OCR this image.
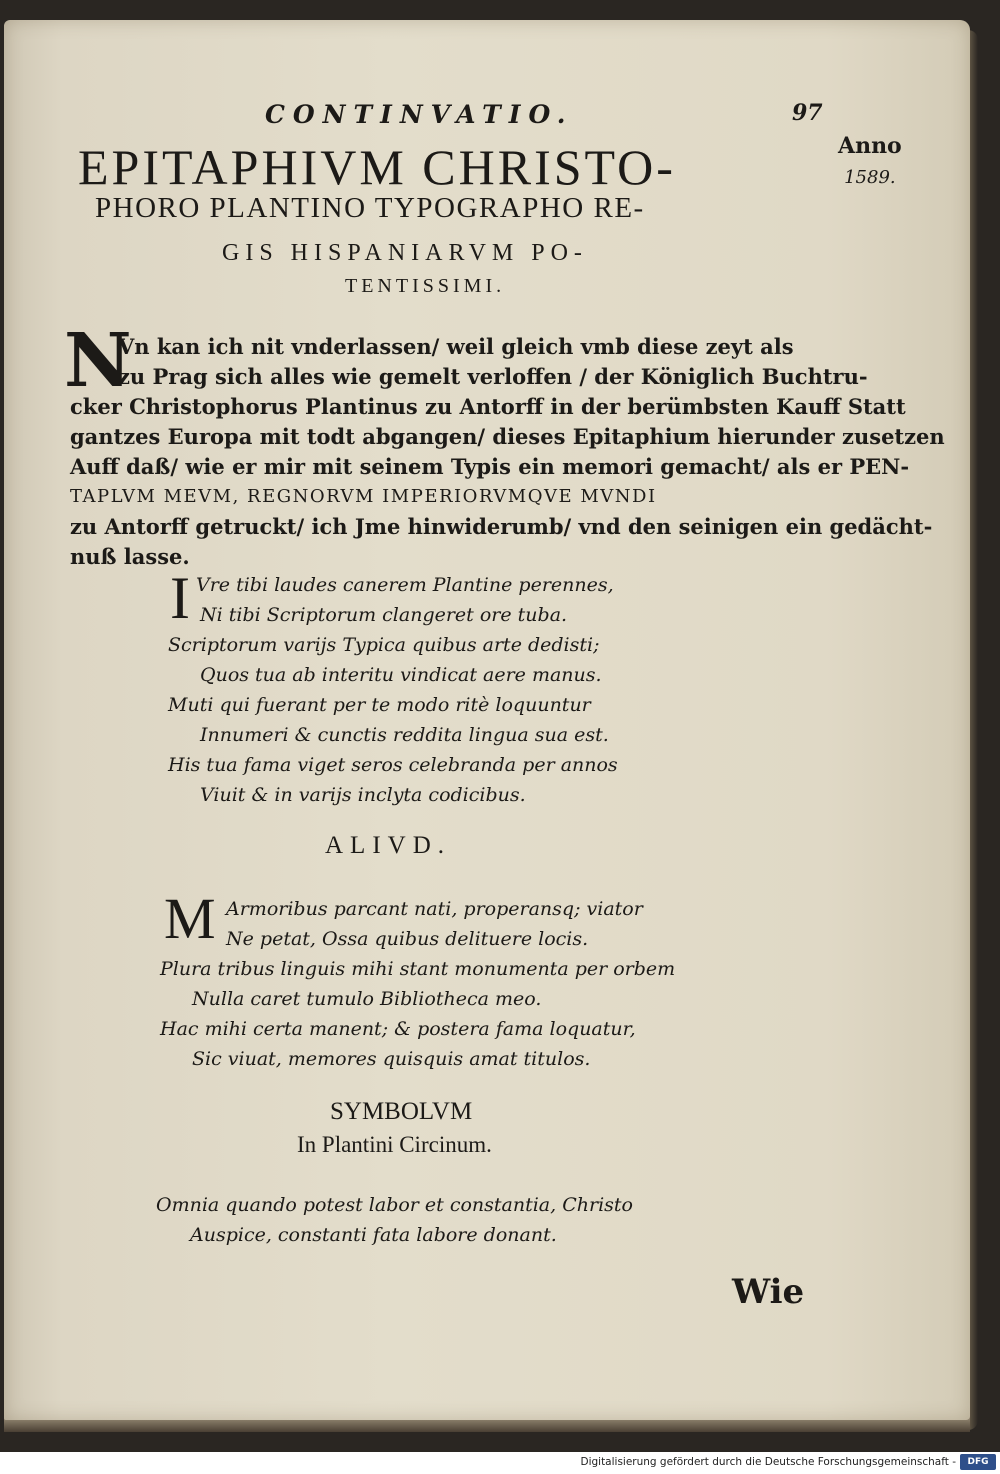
CONTINVATIO.	97
Anno
1589.
EPITAPHIVM CHRISTO-
PHORO PLANTINO TYPOGRAPHO RE-
GIS HISPANIARVM PO-
TENTISSIMI.
N
Vn kan ich nit vnderlassen/ weil gleich vmb diese zeyt als
zu Prag sich alles wie gemelt verloffen / der Königlich Buchtru-
cker Christophorus Plantinus zu Antorff in der berümbsten Kauff Statt
gantzes Europa mit todt abgangen/ dieses Epitaphium hierunder zusetzen
Auff daß/ wie er mir mit seinem Typis ein memori gemacht/ als er PEN-
TAPLVM MEVM, REGNORVM IMPERIORVMQVE MVNDI
zu Antorff getruckt/ ich Jme hinwiderumb/ vnd den seinigen ein gedächt-
nuß lasse.
I Vre tibi laudes canerem Plantine perennes,
Ni tibi Scriptorum clangeret ore tuba.
Scriptorum varijs Typica quibus arte dedisti;
Quos tua ab interitu vindicat aere manus.
Muti qui fuerant per te modo ritè loquuntur
Innumeri & cunctis reddita lingua sua est.
His tua fama viget seros celebranda per annos
Viuit & in varijs inclyta codicibus.
ALIVD.
M Armoribus parcant nati, properansq; viator
Ne petat, Ossa quibus delituere locis.
Plura tribus linguis mihi stant monumenta per orbem
Nulla caret tumulo Bibliotheca meo.
Hac mihi certa manent; & postera fama loquatur,
Sic viuat, memores quisquis amat titulos.
SYMBOLVM
In Plantini Circinum.
Omnia quando potest labor et constantia, Christo
Auspice, constanti fata labore donant.
Wie
Digitalisierung gefördert durch die Deutsche Forschungsgemeinschaft -	DFG
